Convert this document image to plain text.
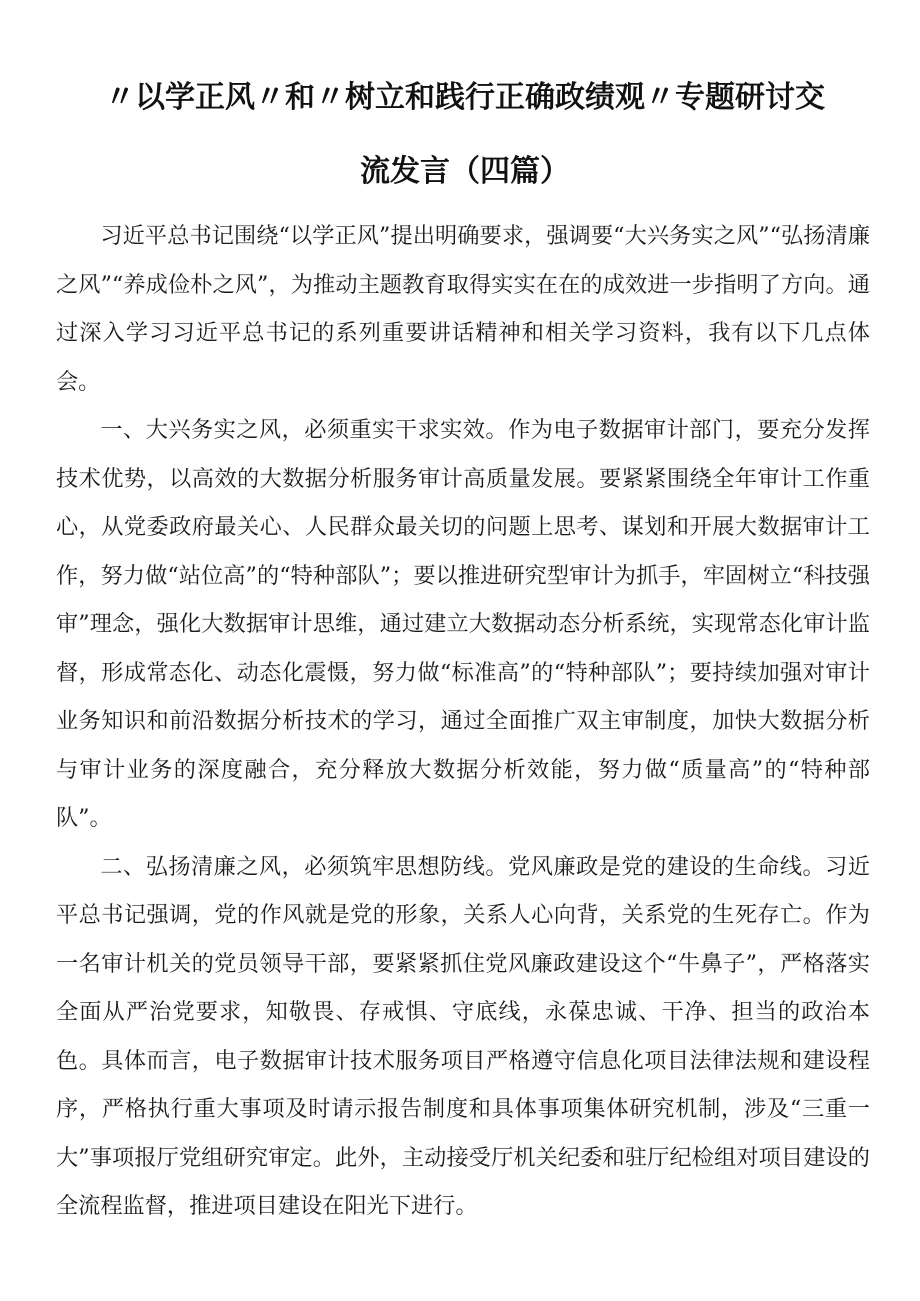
〃以学正风〃和〃树立和践行正确政绩观〃专题研讨交
流发言（四篇）

习近平总书记围绕“以学正风”提出明确要求，强调要“大兴务实之风”“弘扬清廉之风”“养成俭朴之风”，为推动主题教育取得实实在在的成效进一步指明了方向。通过深入学习习近平总书记的系列重要讲话精神和相关学习资料，我有以下几点体会。

一、大兴务实之风，必须重实干求实效。作为电子数据审计部门，要充分发挥技术优势，以高效的大数据分析服务审计高质量发展。要紧紧围绕全年审计工作重心，从党委政府最关心、人民群众最关切的问题上思考、谋划和开展大数据审计工作，努力做“站位高”的“特种部队”；要以推进研究型审计为抓手，牢固树立“科技强审”理念，强化大数据审计思维，通过建立大数据动态分析系统，实现常态化审计监督，形成常态化、动态化震慑，努力做“标准高”的“特种部队”；要持续加强对审计业务知识和前沿数据分析技术的学习，通过全面推广双主审制度，加快大数据分析与审计业务的深度融合，充分释放大数据分析效能，努力做“质量高”的“特种部队”。

二、弘扬清廉之风，必须筑牢思想防线。党风廉政是党的建设的生命线。习近平总书记强调，党的作风就是党的形象，关系人心向背，关系党的生死存亡。作为一名审计机关的党员领导干部，要紧紧抓住党风廉政建设这个“牛鼻子”，严格落实全面从严治党要求，知敬畏、存戒惧、守底线，永葆忠诚、干净、担当的政治本色。具体而言，电子数据审计技术服务项目严格遵守信息化项目法律法规和建设程序，严格执行重大事项及时请示报告制度和具体事项集体研究机制，涉及“三重一大”事项报厅党组研究审定。此外，主动接受厅机关纪委和驻厅纪检组对项目建设的全流程监督，推进项目建设在阳光下进行。
